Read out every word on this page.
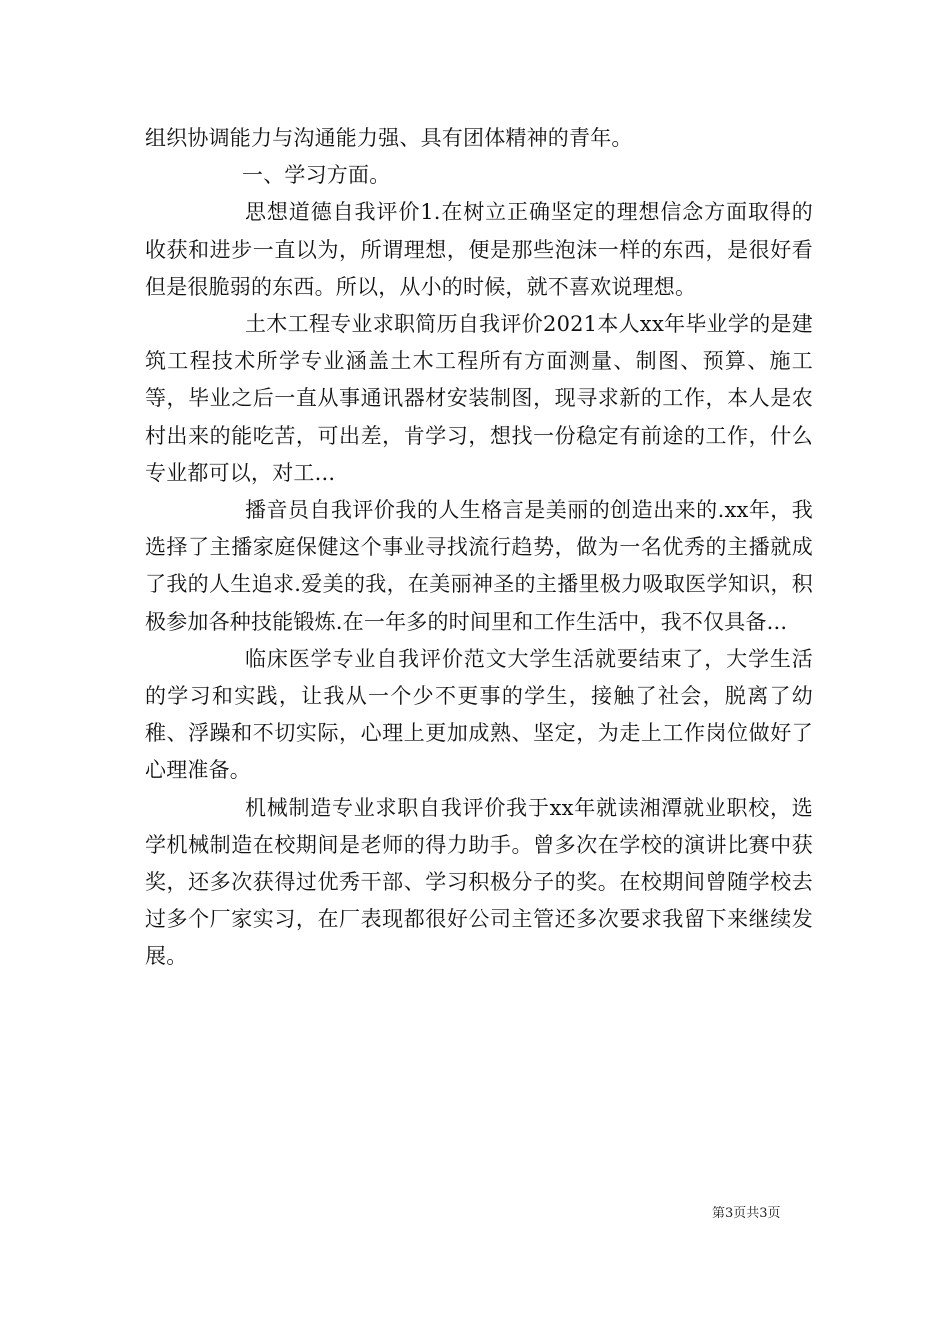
组织协调能力与沟通能力强、具有团体精神的青年。

一、学习方面。

思想道德自我评价1.在树立正确坚定的理想信念方面取得的收获和进步一直以为，所谓理想，便是那些泡沫一样的东西，是很好看但是很脆弱的东西。所以，从小的时候，就不喜欢说理想。

土木工程专业求职简历自我评价2021本人xx年毕业学的是建筑工程技术所学专业涵盖土木工程所有方面测量、制图、预算、施工等，毕业之后一直从事通讯器材安装制图，现寻求新的工作，本人是农村出来的能吃苦，可出差，肯学习，想找一份稳定有前途的工作，什么专业都可以，对工...

播音员自我评价我的人生格言是美丽的创造出来的.xx年，我选择了主播家庭保健这个事业寻找流行趋势，做为一名优秀的主播就成了我的人生追求.爱美的我，在美丽神圣的主播里极力吸取医学知识，积极参加各种技能锻炼.在一年多的时间里和工作生活中，我不仅具备...

临床医学专业自我评价范文大学生活就要结束了，大学生活的学习和实践，让我从一个少不更事的学生，接触了社会，脱离了幼稚、浮躁和不切实际，心理上更加成熟、坚定，为走上工作岗位做好了心理准备。

机械制造专业求职自我评价我于xx年就读湘潭就业职校，选学机械制造在校期间是老师的得力助手。曾多次在学校的演讲比赛中获奖，还多次获得过优秀干部、学习积极分子的奖。在校期间曾随学校去过多个厂家实习，在厂表现都很好公司主管还多次要求我留下来继续发展。

第3页共3页
